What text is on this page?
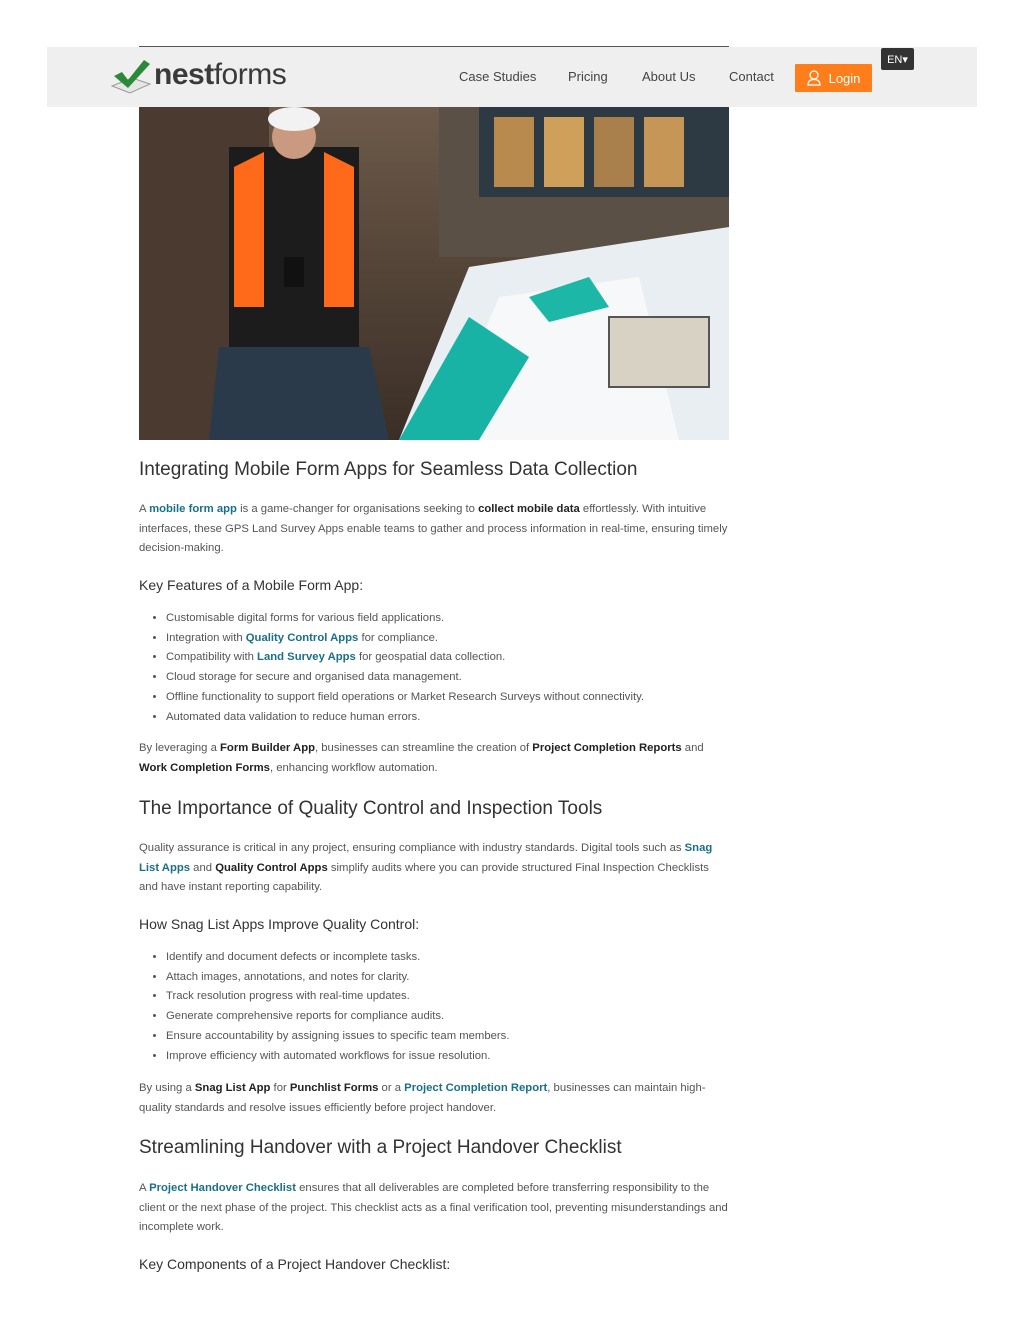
nestforms	Case Studies Pricing	About Us	Contact	Login
EN▾
Integrating Mobile Form Apps for Seamless Data Collection

A mobile form app is a game-changer for organisations seeking to collect mobile data effortlessly. With intuitive interfaces, these GPS Land Survey Apps enable teams to gather and process information in real-time, ensuring timely decision-making.

Key Features of a Mobile Form App:
• Customisable digital forms for various field applications.
• Integration with Quality Control Apps for compliance.
• Compatibility with Land Survey Apps for geospatial data collection.
• Cloud storage for secure and organised data management.
• Offline functionality to support field operations or Market Research Surveys without connectivity.
• Automated data validation to reduce human errors.

By leveraging a Form Builder App, businesses can streamline the creation of Project Completion Reports and Work Completion Forms, enhancing workflow automation.

The Importance of Quality Control and Inspection Tools

Quality assurance is critical in any project, ensuring compliance with industry standards. Digital tools such as Snag List Apps and Quality Control Apps simplify audits where you can provide structured Final Inspection Checklists and have instant reporting capability.

How Snag List Apps Improve Quality Control:
• Identify and document defects or incomplete tasks.
• Attach images, annotations, and notes for clarity.
• Track resolution progress with real-time updates.
• Generate comprehensive reports for compliance audits.
• Ensure accountability by assigning issues to specific team members.
• Improve efficiency with automated workflows for issue resolution.

By using a Snag List App for Punchlist Forms or a Project Completion Report, businesses can maintain high-quality standards and resolve issues efficiently before project handover.

Streamlining Handover with a Project Handover Checklist

A Project Handover Checklist ensures that all deliverables are completed before transferring responsibility to the client or the next phase of the project. This checklist acts as a final verification tool, preventing misunderstandings and incomplete work.

Key Components of a Project Handover Checklist:
